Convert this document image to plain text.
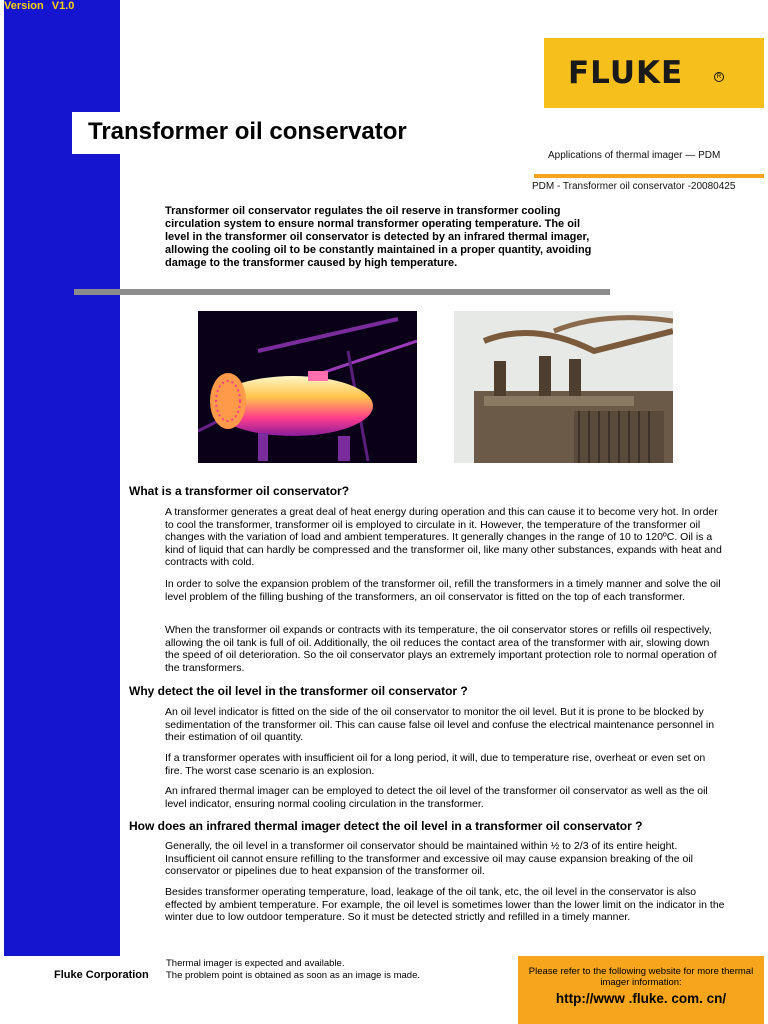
Version V1.0
FLUKE	R
Transformer oil conservator
Applications of thermal imager — PDM
PDM - Transformer oil conservator -20080425
Transformer oil conservator regulates the oil reserve in transformer cooling circulation system to ensure normal transformer operating temperature. The oil level in the transformer oil conservator is detected by an infrared thermal imager, allowing the cooling oil to be constantly maintained in a proper quantity, avoiding damage to the transformer caused by high temperature.
What is a transformer oil conservator?
A transformer generates a great deal of heat energy during operation and this can cause it to become very hot. In order to cool the transformer, transformer oil is employed to circulate in it. However, the temperature of the transformer oil changes with the variation of load and ambient temperatures. It generally changes in the range of 10 to 120ºC. Oil is a kind of liquid that can hardly be compressed and the transformer oil, like many other substances, expands with heat and contracts with cold.
In order to solve the expansion problem of the transformer oil, refill the transformers in a timely manner and solve the oil level problem of the filling bushing of the transformers, an oil conservator is fitted on the top of each transformer.
When the transformer oil expands or contracts with its temperature, the oil conservator stores or refills oil respectively, allowing the oil tank is full of oil. Additionally, the oil reduces the contact area of the transformer with air, slowing down the speed of oil deterioration. So the oil conservator plays an extremely important protection role to normal operation of the transformers.
Why detect the oil level in the transformer oil conservator ?
An oil level indicator is fitted on the side of the oil conservator to monitor the oil level. But it is prone to be blocked by sedimentation of the transformer oil. This can cause false oil level and confuse the electrical maintenance personnel in their estimation of oil quantity.
If a transformer operates with insufficient oil for a long period, it will, due to temperature rise, overheat or even set on fire. The worst case scenario is an explosion.
An infrared thermal imager can be employed to detect the oil level of the transformer oil conservator as well as the oil level indicator, ensuring normal cooling circulation in the transformer.
How does an infrared thermal imager detect the oil level in a transformer oil conservator ?
Generally, the oil level in a transformer oil conservator should be maintained within ½ to 2/3 of its entire height. Insufficient oil cannot ensure refilling to the transformer and excessive oil may cause expansion breaking of the oil conservator or pipelines due to heat expansion of the transformer oil.
Besides transformer operating temperature, load, leakage of the oil tank, etc, the oil level in the conservator is also effected by ambient temperature. For example, the oil level is sometimes lower than the lower limit on the indicator in the winter due to low outdoor temperature. So it must be detected strictly and refilled in a timely manner.
Thermal imager is expected and available.
The problem point is obtained as soon as an image is made.
Fluke Corporation	Please refer to the following website for more thermal imager information:
http://www .fluke. com. cn/
